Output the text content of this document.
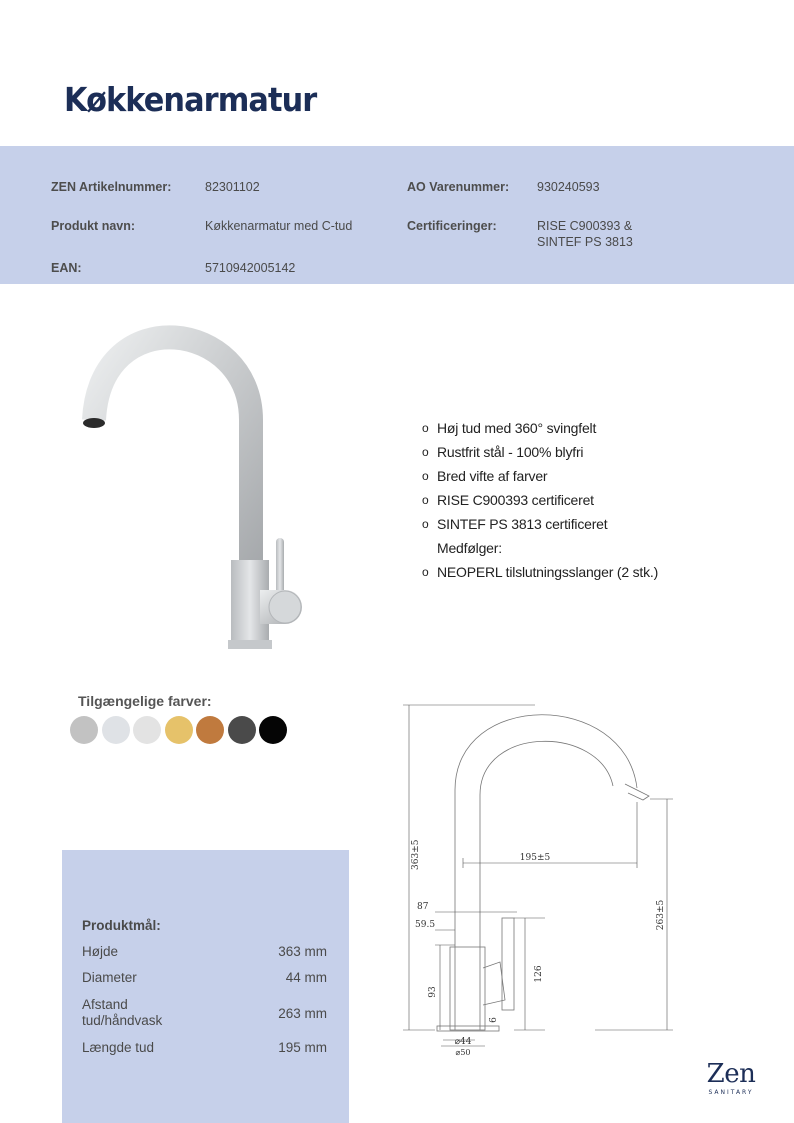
Køkkenarmatur
ZEN Artikelnummer:	82301102	AO Varenummer: 930240593
Produkt navn:	Køkkenarmatur med C-tud	Certificeringer:	RISE C900393 &
SINTEF PS 3813
EAN:	5710942005142
o Høj tud med 360° svingfelt
o Rustfrit stål - 100% blyfri
o Bred vifte af farver
o RISE C900393 certificeret
o SINTEF PS 3813 certificeret
Medfølger:
o NEOPERL tilslutningsslanger (2 stk.)
Tilgængelige farver:
Produktmål:
Højde	363 mm
Diameter	44 mm
Afstand tud/håndvask	263 mm
Længde tud	195 mm
363±5	195±5
263±5
87
59.5
93
126
6
⌀44
⌀50
Zen
SANITARY
